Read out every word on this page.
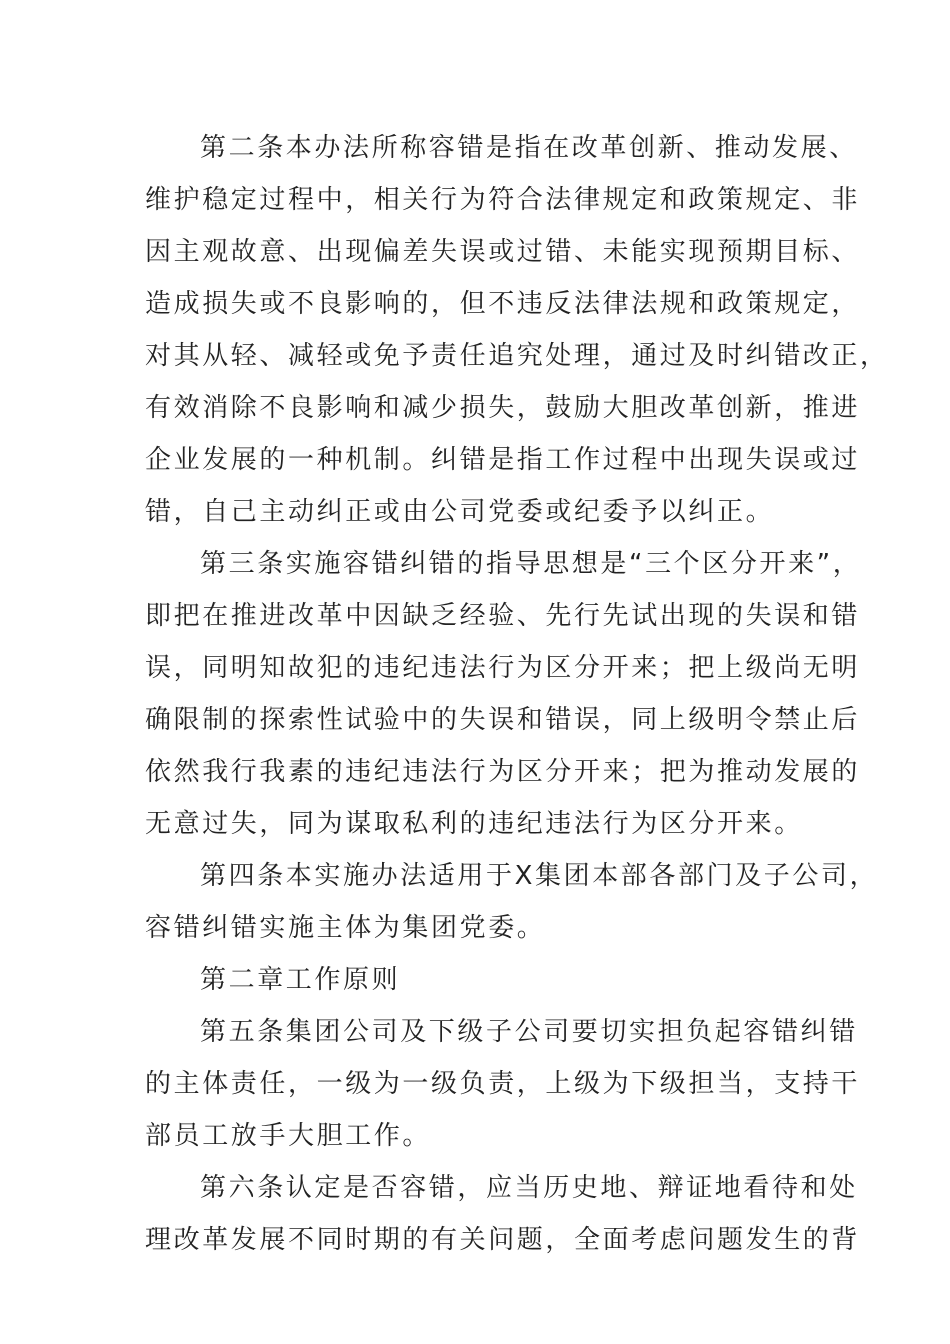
第二条本办法所称容错是指在改革创新、推动发展、
维护稳定过程中，相关行为符合法律规定和政策规定、非
因主观故意、出现偏差失误或过错、未能实现预期目标、
造成损失或不良影响的，但不违反法律法规和政策规定，
对其从轻、减轻或免予责任追究处理，通过及时纠错改正，
有效消除不良影响和减少损失，鼓励大胆改革创新，推进
企业发展的一种机制。纠错是指工作过程中出现失误或过
错，自己主动纠正或由公司党委或纪委予以纠正。
第三条实施容错纠错的指导思想是“三个区分开来”，
即把在推进改革中因缺乏经验、先行先试出现的失误和错
误，同明知故犯的违纪违法行为区分开来；把上级尚无明
确限制的探索性试验中的失误和错误，同上级明令禁止后
依然我行我素的违纪违法行为区分开来；把为推动发展的
无意过失，同为谋取私利的违纪违法行为区分开来。
第四条本实施办法适用于X集团本部各部门及子公司，
容错纠错实施主体为集团党委。
第二章工作原则
第五条集团公司及下级子公司要切实担负起容错纠错
的主体责任，一级为一级负责，上级为下级担当，支持干
部员工放手大胆工作。
第六条认定是否容错，应当历史地、辩证地看待和处
理改革发展不同时期的有关问题，全面考虑问题发生的背
